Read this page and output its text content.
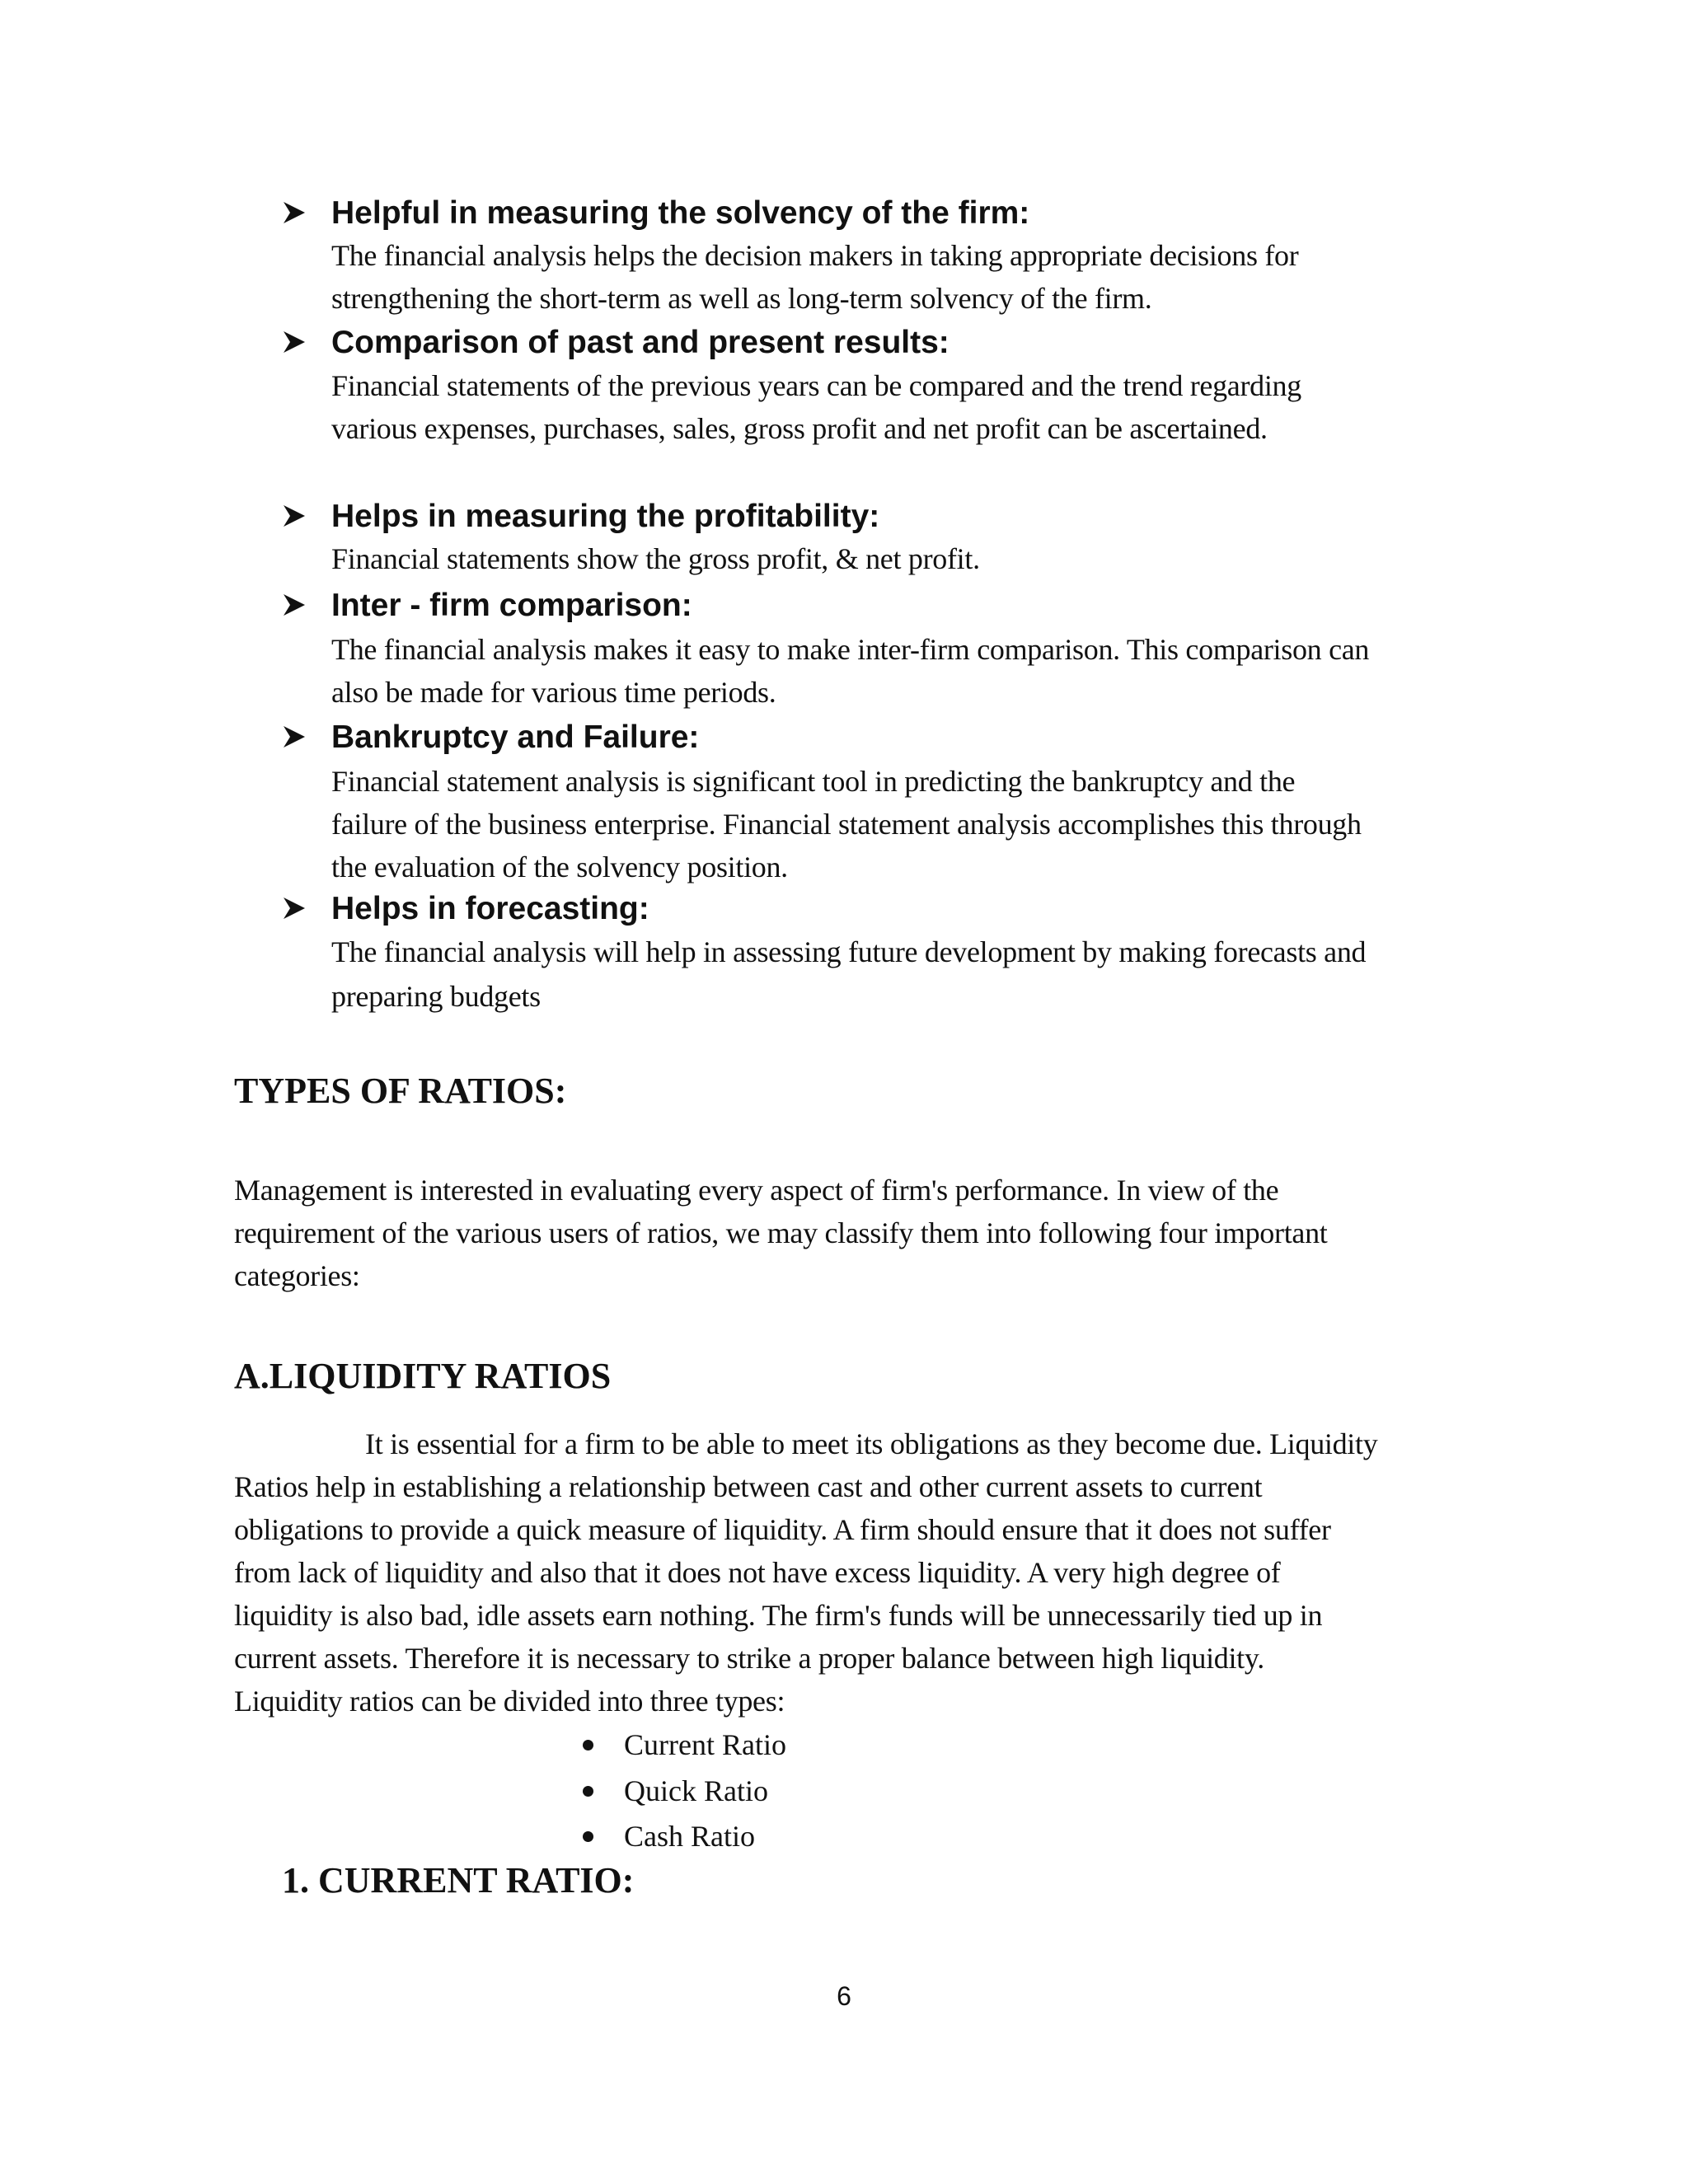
Helpful in measuring the solvency of the firm:
The financial analysis helps the decision makers in taking appropriate decisions for
strengthening the short-term as well as long-term solvency of the firm.
Comparison of past and present results:
Financial statements of the previous years can be compared and the trend regarding
various expenses, purchases, sales, gross profit and net profit can be ascertained.
Helps in measuring the profitability:
Financial statements show the gross profit, & net profit.
Inter ‐ firm comparison:
The financial analysis makes it easy to make inter-firm comparison. This comparison can
also be made for various time periods.
Bankruptcy and Failure:
Financial statement analysis is significant tool in predicting the bankruptcy and the
failure of the business enterprise. Financial statement analysis accomplishes this through
the evaluation of the solvency position.
Helps in forecasting:
The financial analysis will help in assessing future development by making forecasts and
preparing budgets
TYPES OF RATIOS:
Management is interested in evaluating every aspect of firm's performance. In view of the
requirement of the various users of ratios, we may classify them into following four important
categories:
A.LIQUIDITY RATIOS
It is essential for a firm to be able to meet its obligations as they become due. Liquidity
Ratios help in establishing a relationship between cast and other current assets to current
obligations to provide a quick measure of liquidity. A firm should ensure that it does not suffer
from lack of liquidity and also that it does not have excess liquidity. A very high degree of
liquidity is also bad, idle assets earn nothing. The firm's funds will be unnecessarily tied up in
current assets. Therefore it is necessary to strike a proper balance between high liquidity.
Liquidity ratios can be divided into three types:
Current Ratio
Quick Ratio
Cash Ratio
1. CURRENT RATIO:
6
